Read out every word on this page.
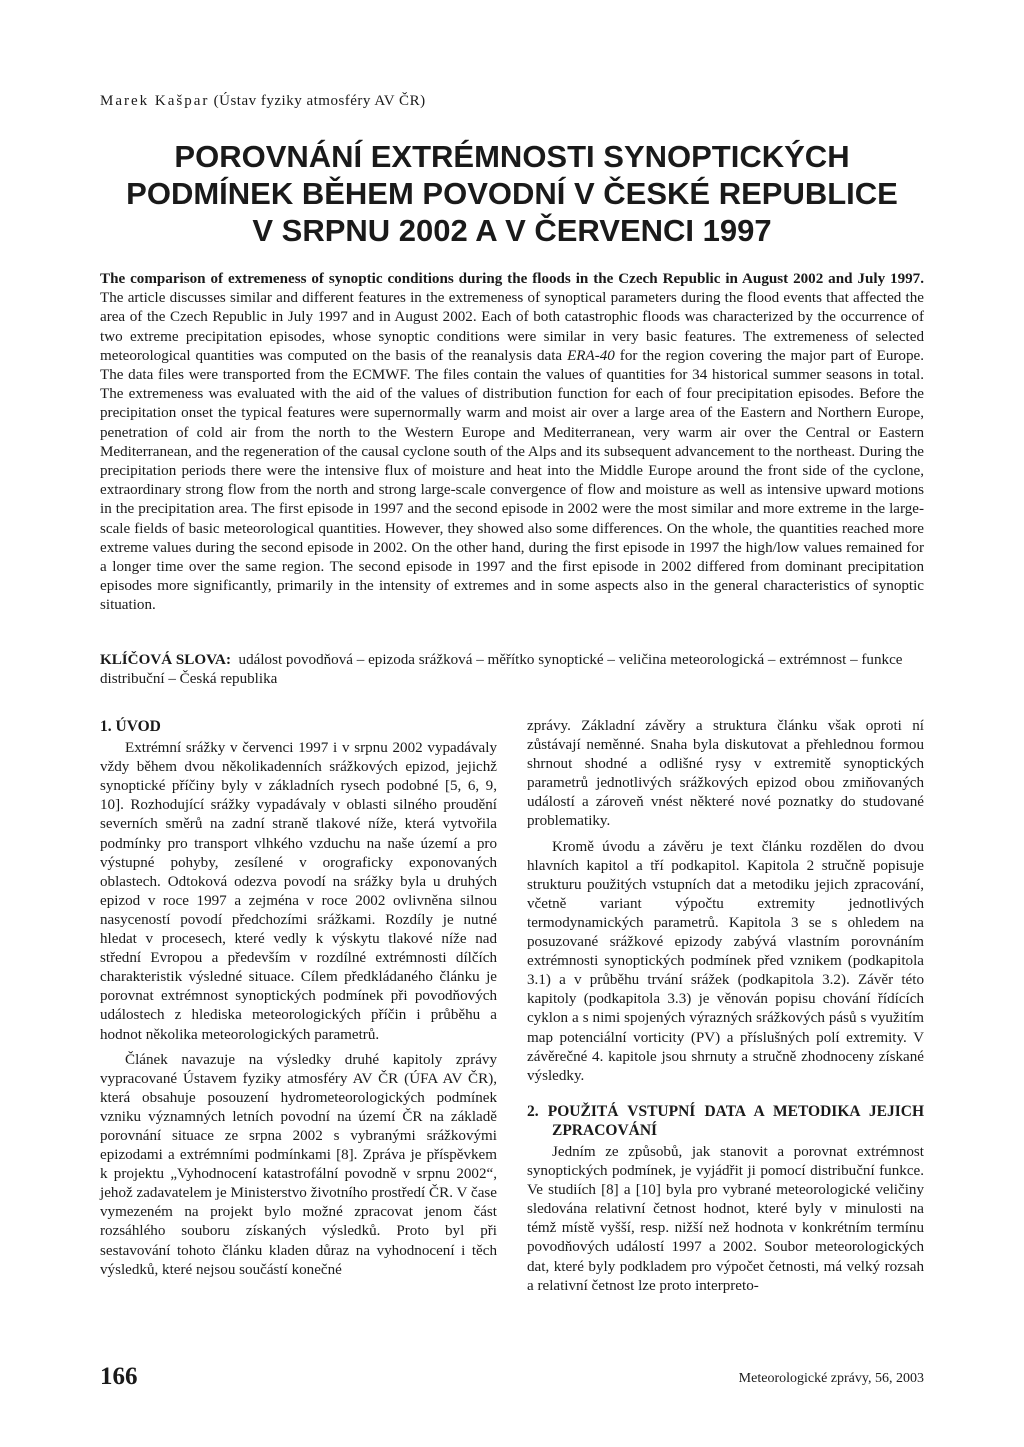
Marek Kašpar (Ústav fyziky atmosféry AV ČR)
POROVNÁNÍ EXTRÉMNOSTI SYNOPTICKÝCH
PODMÍNEK BĚHEM POVODNÍ V ČESKÉ REPUBLICE
V SRPNU 2002 A V ČERVENCI 1997
The comparison of extremeness of synoptic conditions during the floods in the Czech Republic in August 2002 and July 1997. The article discusses similar and different features in the extremeness of synoptical parameters during the flood events that affected the area of the Czech Republic in July 1997 and in August 2002. Each of both catastrophic floods was characterized by the occurrence of two extreme precipitation episodes, whose synoptic conditions were similar in very basic features. The extremeness of selected meteorological quantities was computed on the basis of the reanalysis data ERA-40 for the region covering the major part of Europe. The data files were transported from the ECMWF. The files contain the values of quantities for 34 historical summer seasons in total. The extremeness was evaluated with the aid of the values of distribution function for each of four precipitation episodes. Before the precipitation onset the typical features were supernormally warm and moist air over a large area of the Eastern and Northern Europe, penetration of cold air from the north to the Western Europe and Mediterranean, very warm air over the Central or Eastern Mediterranean, and the regeneration of the causal cyclone south of the Alps and its subsequent advancement to the northeast. During the precipitation periods there were the intensive flux of moisture and heat into the Middle Europe around the front side of the cyclone, extraordinary strong flow from the north and strong large-scale convergence of flow and moisture as well as intensive upward motions in the precipitation area. The first episode in 1997 and the second episode in 2002 were the most similar and more extreme in the large-scale fields of basic meteorological quantities. However, they showed also some differences. On the whole, the quantities reached more extreme values during the second episode in 2002. On the other hand, during the first episode in 1997 the high/low values remained for a longer time over the same region. The second episode in 1997 and the first episode in 2002 differed from dominant precipitation episodes more significantly, primarily in the intensity of extremes and in some aspects also in the general characteristics of synoptic situation.
KLÍČOVÁ SLOVA: událost povodňová – epizoda srážková – měřítko synoptické – veličina meteorologická – extrémnost – funkce distribuční – Česká republika
1. ÚVOD

Extrémní srážky v červenci 1997 i v srpnu 2002 vypadávaly vždy během dvou několikadenních srážkových epizod, jejichž synoptické příčiny byly v základních rysech podobné [5, 6, 9, 10]. Rozhodující srážky vypadávaly v oblasti silného proudění severních směrů na zadní straně tlakové níže, která vytvořila podmínky pro transport vlhkého vzduchu na naše území a pro výstupné pohyby, zesílené v orograficky exponovaných oblastech. Odtoková odezva povodí na srážky byla u druhých epizod v roce 1997 a zejména v roce 2002 ovlivněna silnou nasyceností povodí předchozími srážkami. Rozdíly je nutné hledat v procesech, které vedly k výskytu tlakové níže nad střední Evropou a především v rozdílné extrémnosti dílčích charakteristik výsledné situace. Cílem předkládaného článku je porovnat extrémnost synoptických podmínek při povodňových událostech z hlediska meteorologických příčin i průběhu a hodnot několika meteorologických parametrů.

Článek navazuje na výsledky druhé kapitoly zprávy vypracované Ústavem fyziky atmosféry AV ČR (ÚFA AV ČR), která obsahuje posouzení hydrometeorologických podmínek vzniku významných letních povodní na území ČR na základě porovnání situace ze srpna 2002 s vybranými srážkovými epizodami a extrémními podmínkami [8]. Zpráva je příspěvkem k projektu „Vyhodnocení katastrofální povodně v srpnu 2002“, jehož zadavatelem je Ministerstvo životního prostředí ČR. V čase vymezeném na projekt bylo možné zpracovat jenom část rozsáhlého souboru získaných výsledků. Proto byl při sestavování tohoto článku kladen důraz na vyhodnocení i těch výsledků, které nejsou součástí konečné

zprávy. Základní závěry a struktura článku však oproti ní zůstávají neměnné. Snaha byla diskutovat a přehlednou formou shrnout shodné a odlišné rysy v extremitě synoptických parametrů jednotlivých srážkových epizod obou zmiňovaných událostí a zároveň vnést některé nové poznatky do studované problematiky.

Kromě úvodu a závěru je text článku rozdělen do dvou hlavních kapitol a tří podkapitol. Kapitola 2 stručně popisuje strukturu použitých vstupních dat a metodiku jejich zpracování, včetně variant výpočtu extremity jednotlivých termodynamických parametrů. Kapitola 3 se s ohledem na posuzované srážkové epizody zabývá vlastním porovnáním extrémnosti synoptických podmínek před vznikem (podkapitola 3.1) a v průběhu trvání srážek (podkapitola 3.2). Závěr této kapitoly (podkapitola 3.3) je věnován popisu chování řídících cyklon a s nimi spojených výrazných srážkových pásů s využitím map potenciální vorticity (PV) a příslušných polí extremity. V závěrečné 4. kapitole jsou shrnuty a stručně zhodnoceny získané výsledky.

2. POUŽITÁ VSTUPNÍ DATA A METODIKA JEJICH ZPRACOVÁNÍ

Jedním ze způsobů, jak stanovit a porovnat extrémnost synoptických podmínek, je vyjádřit ji pomocí distribuční funkce. Ve studiích [8] a [10] byla pro vybrané meteorologické veličiny sledována relativní četnost hodnot, které byly v minulosti na témž místě vyšší, resp. nižší než hodnota v konkrétním termínu povodňových událostí 1997 a 2002. Soubor meteorologických dat, které byly podkladem pro výpočet četnosti, má velký rozsah a relativní četnost lze proto interpreto-

166	Meteorologické zprávy, 56, 2003
